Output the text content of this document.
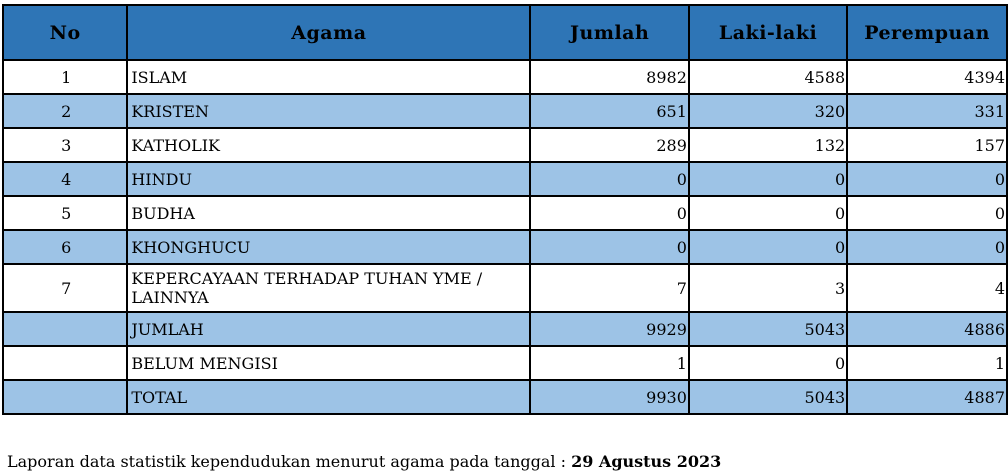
No	Agama	Jumlah	Laki-laki	Perempuan
1	ISLAM	8982	4588	4394
2	KRISTEN	651	320	331
3	KATHOLIK	289	132	157
4	HINDU	0	0	0
5	BUDHA	0	0	0
6	KHONGHUCU	0	0	0
7	KEPERCAYAAN TERHADAP TUHAN YME / LAINNYA	7	3	4
	JUMLAH	9929	5043	4886
	BELUM MENGISI	1	0	1
	TOTAL	9930	5043	4887
Laporan data statistik kependudukan menurut agama pada tanggal : 29 Agustus 2023
